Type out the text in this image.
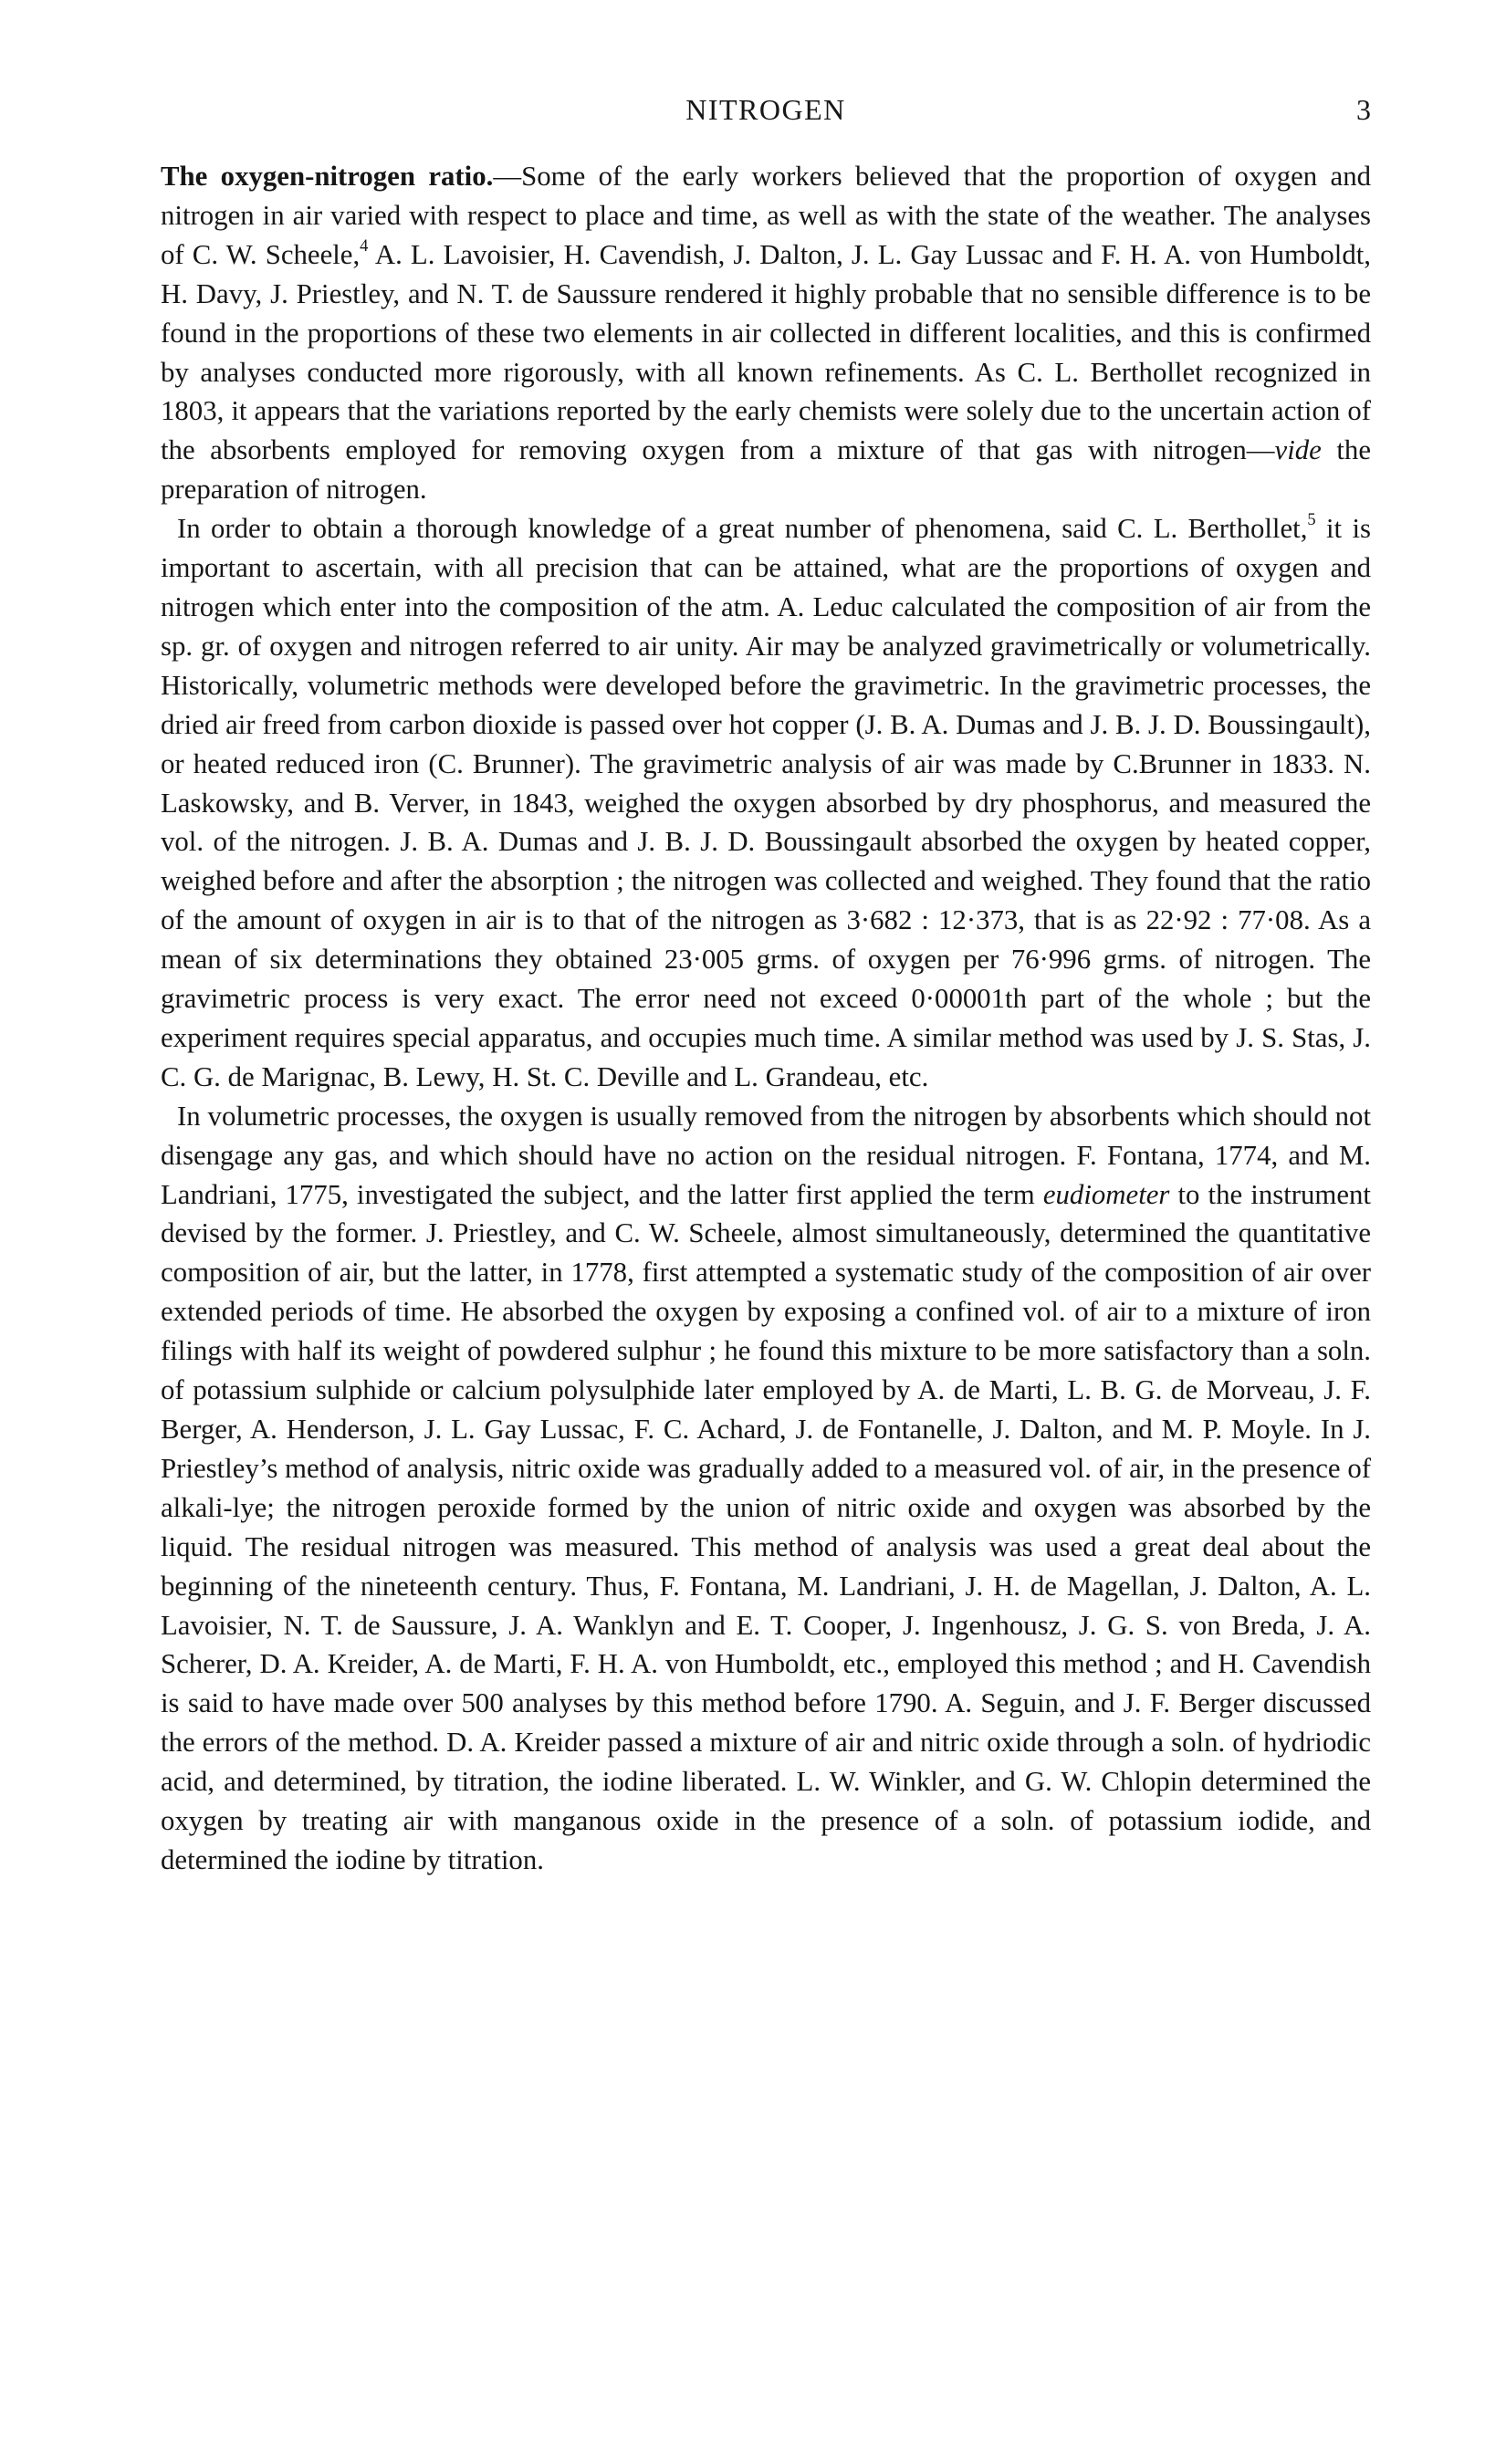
NITROGEN	3

The oxygen-nitrogen ratio.—Some of the early workers believed that the proportion of oxygen and nitrogen in air varied with respect to place and time, as well as with the state of the weather. The analyses of C. W. Scheele,$^4$ A. L. Lavoisier, H. Cavendish, J. Dalton, J. L. Gay Lussac and F. H. A. von Humboldt, H. Davy, J. Priestley, and N. T. de Saussure rendered it highly probable that no sensible difference is to be found in the proportions of these two elements in air collected in different localities, and this is confirmed by analyses conducted more rigorously, with all known refinements. As C. L. Berthollet recognized in 1803, it appears that the variations reported by the early chemists were solely due to the uncertain action of the absorbents employed for removing oxygen from a mixture of that gas with nitrogen—vide the preparation of nitrogen.

In order to obtain a thorough knowledge of a great number of phenomena, said C. L. Berthollet,$^5$ it is important to ascertain, with all precision that can be attained, what are the proportions of oxygen and nitrogen which enter into the composition of the atm. A. Leduc calculated the composition of air from the sp. gr. of oxygen and nitrogen referred to air unity. Air may be analyzed gravimetrically or volumetrically. Historically, volumetric methods were developed before the gravimetric. In the gravimetric processes, the dried air freed from carbon dioxide is passed over hot copper (J. B. A. Dumas and J. B. J. D. Boussingault), or heated reduced iron (C. Brunner). The gravimetric analysis of air was made by C.Brunner in 1833. N. Laskowsky, and B. Verver, in 1843, weighed the oxygen absorbed by dry phosphorus, and measured the vol. of the nitrogen. J. B. A. Dumas and J. B. J. D. Boussingault absorbed the oxygen by heated copper, weighed before and after the absorption ; the nitrogen was collected and weighed. They found that the ratio of the amount of oxygen in air is to that of the nitrogen as 3·682 : 12·373, that is as 22·92 : 77·08. As a mean of six determinations they obtained 23·005 grms. of oxygen per 76·996 grms. of nitrogen. The gravimetric process is very exact. The error need not exceed 0·00001th part of the whole ; but the experiment requires special apparatus, and occupies much time. A similar method was used by J. S. Stas, J. C. G. de Marignac, B. Lewy, H. St. C. Deville and L. Grandeau, etc.

In volumetric processes, the oxygen is usually removed from the nitrogen by absorbents which should not disengage any gas, and which should have no action on the residual nitrogen. F. Fontana, 1774, and M. Landriani, 1775, investigated the subject, and the latter first applied the term eudiometer to the instrument devised by the former. J. Priestley, and C. W. Scheele, almost simultaneously, determined the quantitative composition of air, but the latter, in 1778, first attempted a systematic study of the composition of air over extended periods of time. He absorbed the oxygen by exposing a confined vol. of air to a mixture of iron filings with half its weight of powdered sulphur ; he found this mixture to be more satisfactory than a soln. of potassium sulphide or calcium polysulphide later employed by A. de Marti, L. B. G. de Morveau, J. F. Berger, A. Henderson, J. L. Gay Lussac, F. C. Achard, J. de Fontanelle, J. Dalton, and M. P. Moyle. In J. Priestley’s method of analysis, nitric oxide was gradually added to a measured vol. of air, in the presence of alkali-lye; the nitrogen peroxide formed by the union of nitric oxide and oxygen was absorbed by the liquid. The residual nitrogen was measured. This method of analysis was used a great deal about the beginning of the nineteenth century. Thus, F. Fontana, M. Landriani, J. H. de Magellan, J. Dalton, A. L. Lavoisier, N. T. de Saussure, J. A. Wanklyn and E. T. Cooper, J. Ingenhousz, J. G. S. von Breda, J. A. Scherer, D. A. Kreider, A. de Marti, F. H. A. von Humboldt, etc., employed this method ; and H. Cavendish is said to have made over 500 analyses by this method before 1790. A. Seguin, and J. F. Berger discussed the errors of the method. D. A. Kreider passed a mixture of air and nitric oxide through a soln. of hydriodic acid, and determined, by titration, the iodine liberated. L. W. Winkler, and G. W. Chlopin determined the oxygen by treating air with manganous oxide in the presence of a soln. of potassium iodide, and determined the iodine by titration.
